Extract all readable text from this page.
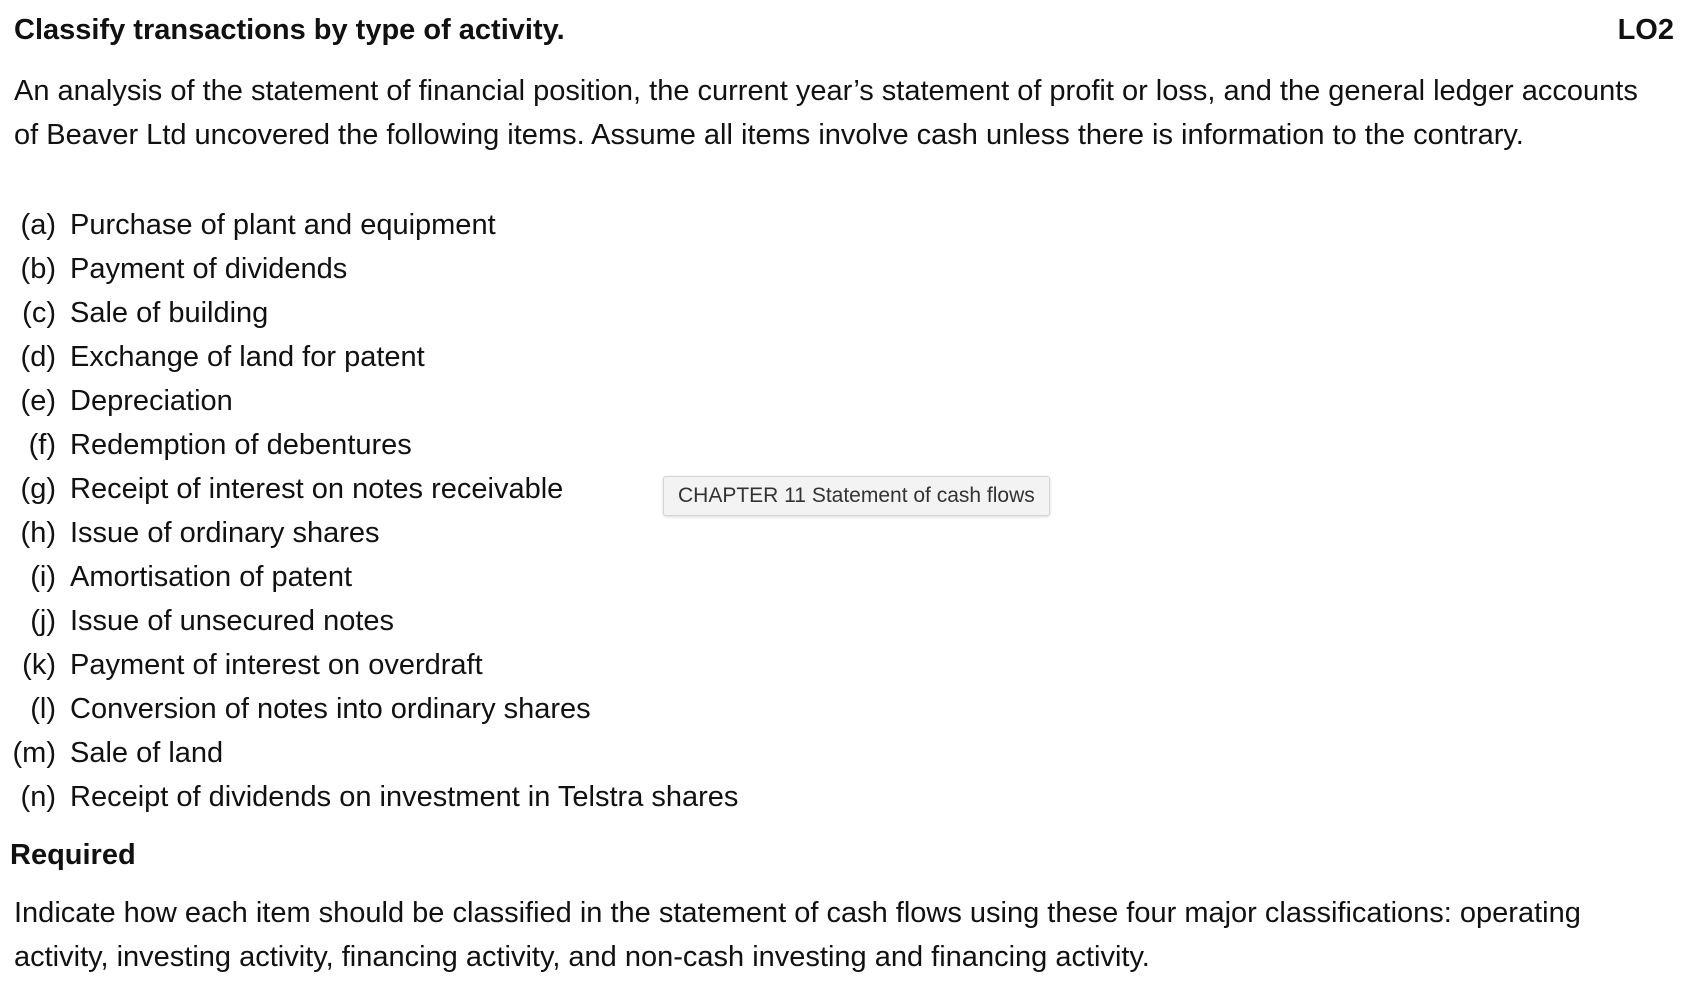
Classify transactions by type of activity.	LO2
An analysis of the statement of financial position, the current year’s statement of profit or loss, and the general ledger accounts of Beaver Ltd uncovered the following items. Assume all items involve cash unless there is information to the contrary.
(a) Purchase of plant and equipment
(b) Payment of dividends
(c) Sale of building
(d) Exchange of land for patent
(e) Depreciation
(f) Redemption of debentures
(g) Receipt of interest on notes receivable
(h) Issue of ordinary shares
(i) Amortisation of patent
(j) Issue of unsecured notes
(k) Payment of interest on overdraft
(l) Conversion of notes into ordinary shares
(m) Sale of land
(n) Receipt of dividends on investment in Telstra shares
CHAPTER 11 Statement of cash flows
Required
Indicate how each item should be classified in the statement of cash flows using these four major classifications: operating activity, investing activity, financing activity, and non-cash investing and financing activity.
